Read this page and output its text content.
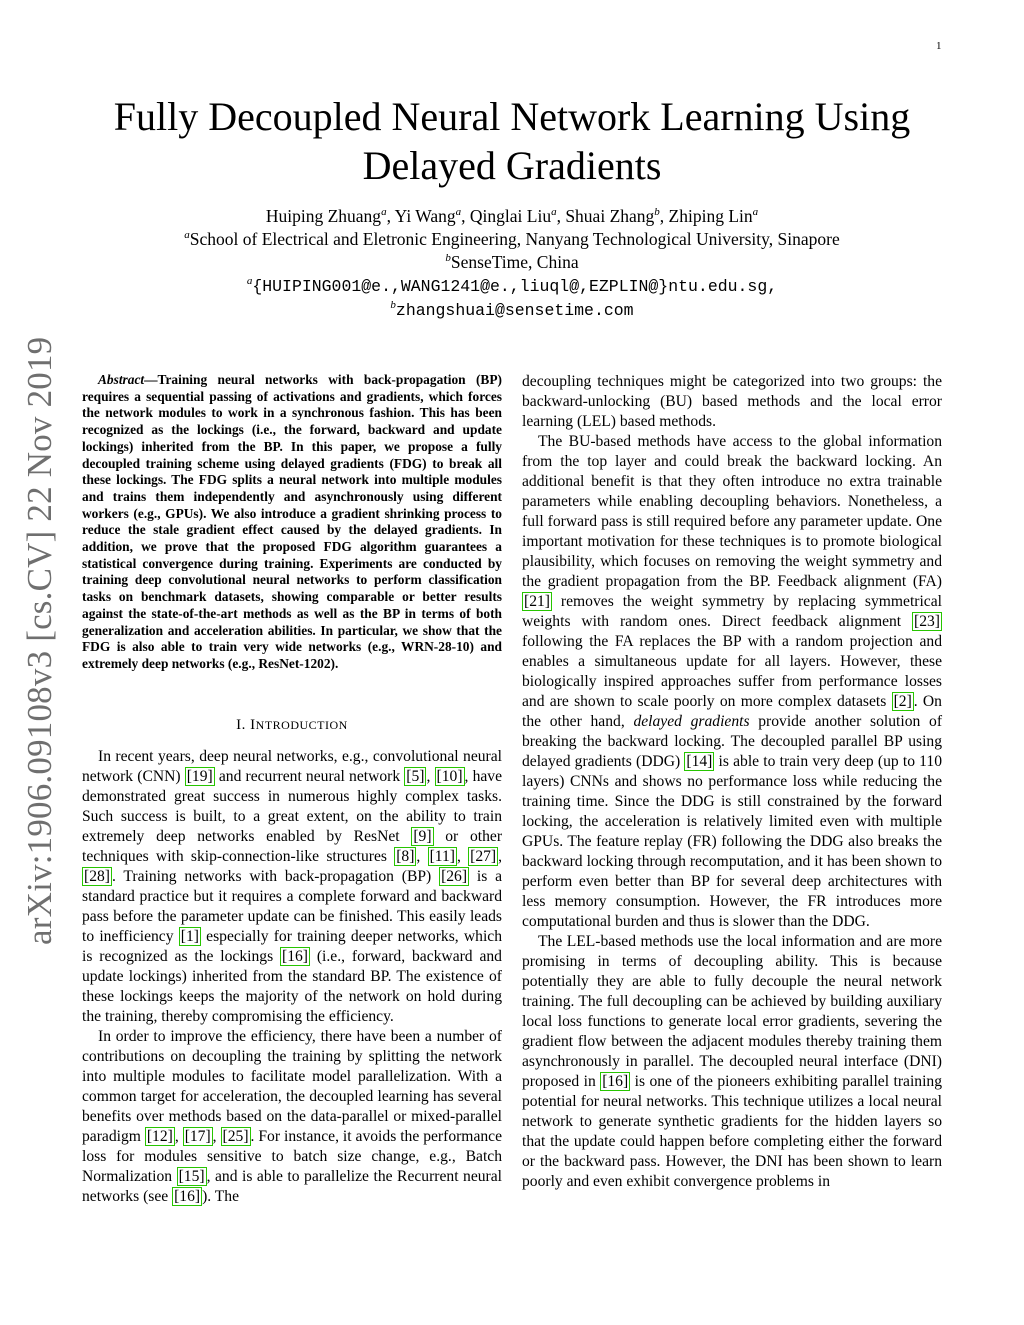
1
arXiv:1906.09108v3 [cs.CV] 22 Nov 2019
Fully Decoupled Neural Network Learning Using Delayed Gradients
Huiping Zhuang$^a$, Yi Wang$^a$, Qinglai Liu$^a$, Shuai Zhang$^b$, Zhiping Lin$^a$
$^a$School of Electrical and Eletronic Engineering, Nanyang Technological University, Sinapore
$^b$SenseTime, China
$^a${HUIPING001@e.,WANG1241@e.,liuql@,EZPLIN@}ntu.edu.sg,
$^b$zhangshuai@sensetime.com

Abstract—Training neural networks with back-propagation (BP) requires a sequential passing of activations and gradients, which forces the network modules to work in a synchronous fashion. This has been recognized as the lockings (i.e., the forward, backward and update lockings) inherited from the BP. In this paper, we propose a fully decoupled training scheme using delayed gradients (FDG) to break all these lockings. The FDG splits a neural network into multiple modules and trains them independently and asynchronously using different workers (e.g., GPUs). We also introduce a gradient shrinking process to reduce the stale gradient effect caused by the delayed gradients. In addition, we prove that the proposed FDG algorithm guarantees a statistical convergence during training. Experiments are conducted by training deep convolutional neural networks to perform classification tasks on benchmark datasets, showing comparable or better results against the state-of-the-art methods as well as the BP in terms of both generalization and acceleration abilities. In particular, we show that the FDG is also able to train very wide networks (e.g., WRN-28-10) and extremely deep networks (e.g., ResNet-1202).

I. INTRODUCTION

In recent years, deep neural networks, e.g., convolutional neural network (CNN) [19] and recurrent neural network [5] , [10] , have demonstrated great success in numerous highly complex tasks. Such success is built, to a great extent, on the ability to train extremely deep networks enabled by ResNet [9] or other techniques with skip-connection-like structures [8] , [11] , [27] , [28] . Training networks with back-propagation (BP) [26] is a standard practice but it requires a complete forward and backward pass before the parameter update can be finished. This easily leads to inefficiency [1] especially for training deeper networks, which is recognized as the lockings [16] (i.e., forward, backward and update lockings) inherited from the standard BP. The existence of these lockings keeps the majority of the network on hold during the training, thereby compromising the efficiency.

In order to improve the efficiency, there have been a number of contributions on decoupling the training by splitting the network into multiple modules to facilitate model parallelization. With a common target for acceleration, the decoupled learning has several benefits over methods based on the data-parallel or mixed-parallel paradigm [12] , [17] , [25] . For instance, it avoids the performance loss for modules sensitive to batch size change, e.g., Batch Normalization [15] , and is able to parallelize the Recurrent neural networks (see [16] ). The

decoupling techniques might be categorized into two groups: the backward-unlocking (BU) based methods and the local error learning (LEL) based methods.

The BU-based methods have access to the global information from the top layer and could break the backward locking. An additional benefit is that they often introduce no extra trainable parameters while enabling decoupling behaviors. Nonetheless, a full forward pass is still required before any parameter update. One important motivation for these techniques is to promote biological plausibility, which focuses on removing the weight symmetry and the gradient propagation from the BP. Feedback alignment (FA) [21] removes the weight symmetry by replacing symmetrical weights with random ones. Direct feedback alignment [23] following the FA replaces the BP with a random projection and enables a simultaneous update for all layers. However, these biologically inspired approaches suffer from performance losses and are shown to scale poorly on more complex datasets [2] . On the other hand, delayed gradients provide another solution of breaking the backward locking. The decoupled parallel BP using delayed gradients (DDG) [14] is able to train very deep (up to 110 layers) CNNs and shows no performance loss while reducing the training time. Since the DDG is still constrained by the forward locking, the acceleration is relatively limited even with multiple GPUs. The feature replay (FR) following the DDG also breaks the backward locking through recomputation, and it has been shown to perform even better than BP for several deep architectures with less memory consumption. However, the FR introduces more computational burden and thus is slower than the DDG.

The LEL-based methods use the local information and are more promising in terms of decoupling ability. This is because potentially they are able to fully decouple the neural network training. The full decoupling can be achieved by building auxiliary local loss functions to generate local error gradients, severing the gradient flow between the adjacent modules thereby training them asynchronously in parallel. The decoupled neural interface (DNI) proposed in [16] is one of the pioneers exhibiting parallel training potential for neural networks. This technique utilizes a local neural network to generate synthetic gradients for the hidden layers so that the update could happen before completing either the forward or the backward pass. However, the DNI has been shown to learn poorly and even exhibit convergence problems in
